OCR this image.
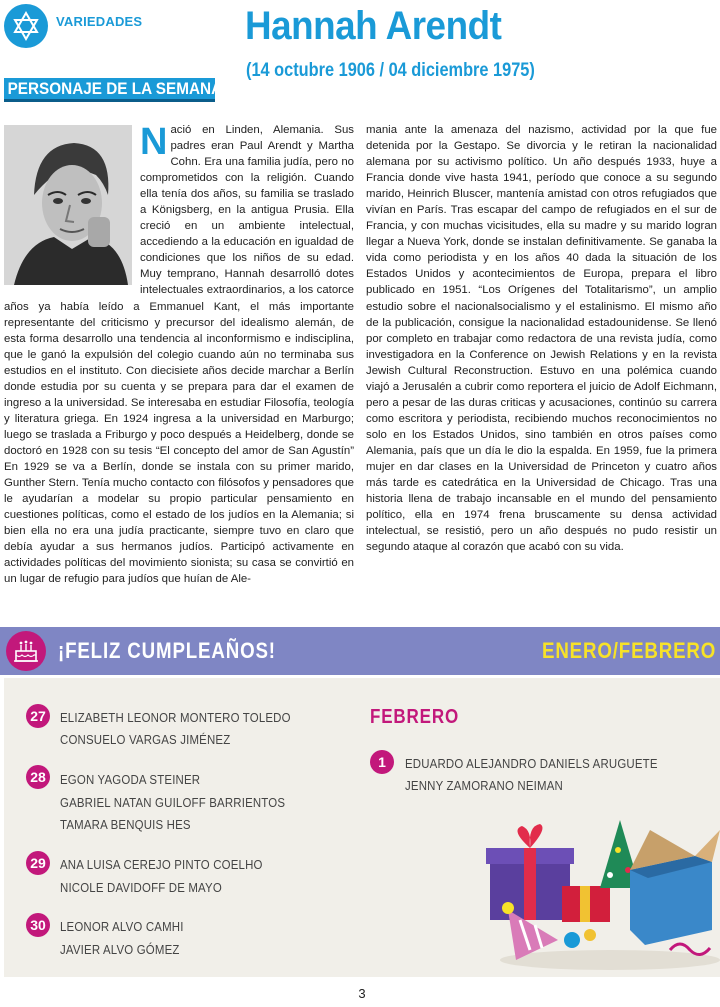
VARIEDADES	Hannah Arendt
(14 octubre 1906 / 04 diciembre 1975)
PERSONAJE DE LA SEMANA
Nació en Linden, Alemania. Sus padres eran Paul Arendt y Martha Cohn. Era una familia judía, pero no comprometidos con la religión. Cuando ella tenía dos años, su familia se traslado a Königsberg, en la antigua Prusia. Ella creció en un ambiente intelectual, accediendo a la educación en igualdad de condiciones que los niños de su edad. Muy temprano, Hannah desarrolló dotes intelectuales extraordinarios, a los catorce años ya había leído a Emmanuel Kant, el más importante representante del criticismo y precursor del idealismo alemán, de esta forma desarrollo una tendencia al inconformismo e indisciplina, que le ganó la expulsión del colegio cuando aún no terminaba sus estudios en el instituto. Con diecisiete años decide marchar a Berlín donde estudia por su cuenta y se prepara para dar el examen de ingreso a la universidad. Se interesaba en estudiar Filosofía, teología y literatura griega. En 1924 ingresa a la universidad en Marburgo; luego se traslada a Friburgo y poco después a Heidelberg, donde se doctoró en 1928 con su tesis “El concepto del amor de San Agustín” En 1929 se va a Berlín, donde se instala con su primer marido, Gunther Stern. Tenía mucho contacto con filósofos y pensadores que le ayudarían a modelar su propio particular pensamiento en cuestiones políticas, como el estado de los judíos en la Alemania; si bien ella no era una judía practicante, siempre tuvo en claro que debía ayudar a sus hermanos judíos. Participó activamente en actividades políticas del movimiento sionista; su casa se convirtió en un lugar de refugio para judíos que huían de Ale-
mania ante la amenaza del nazismo, actividad por la que fue detenida por la Gestapo. Se divorcia y le retiran la nacionalidad alemana por su activismo político. Un año después 1933, huye a Francia donde vive hasta 1941, período que conoce a su segundo marido, Heinrich Bluscer, mantenía amistad con otros refugiados que vivían en París. Tras escapar del campo de refugiados en el sur de Francia, y con muchas vicisitudes, ella su madre y su marido logran llegar a Nueva York, donde se instalan definitivamente. Se ganaba la vida como periodista y en los años 40 dada la situación de los Estados Unidos y acontecimientos de Europa, prepara el libro publicado en 1951. “Los Orígenes del Totalitarismo”, un amplio estudio sobre el nacionalsocialismo y el estalinismo. El mismo año de la publicación, consigue la nacionalidad estadounidense. Se llenó por completo en trabajar como redactora de una revista judía, como investigadora en la Conference on Jewish Relations y en la revista Jewish Cultural Reconstruction. Estuvo en una polémica cuando viajó a Jerusalén a cubrir como reportera el juicio de Adolf Eichmann, pero a pesar de las duras criticas y acusaciones, continúo su carrera como escritora y periodista, recibiendo muchos reconocimientos no solo en los Estados Unidos, sino también en otros países como Alemania, país que un día le dio la espalda. En 1959, fue la primera mujer en dar clases en la Universidad de Princeton y cuatro años más tarde es catedrática en la Universidad de Chicago. Tras una historia llena de trabajo incansable en el mundo del pensamiento político, ella en 1974 frena bruscamente su densa actividad intelectual, se resistió, pero un año después no pudo resistir un segundo ataque al corazón que acabó con su vida.
¡FELIZ CUMPLEAÑOS!	ENERO/FEBRERO
27	ELIZABETH LEONOR MONTERO TOLEDO
CONSUELO VARGAS JIMÉNEZ
28	EGON YAGODA STEINER
GABRIEL NATAN GUILOFF BARRIENTOS
TAMARA BENQUIS HES
29	ANA LUISA CEREJO PINTO COELHO
NICOLE DAVIDOFF DE MAYO
30	LEONOR ALVO CAMHI
JAVIER ALVO GÓMEZ
FEBRERO
1	EDUARDO ALEJANDRO DANIELS ARUGUETE
JENNY ZAMORANO NEIMAN
3
